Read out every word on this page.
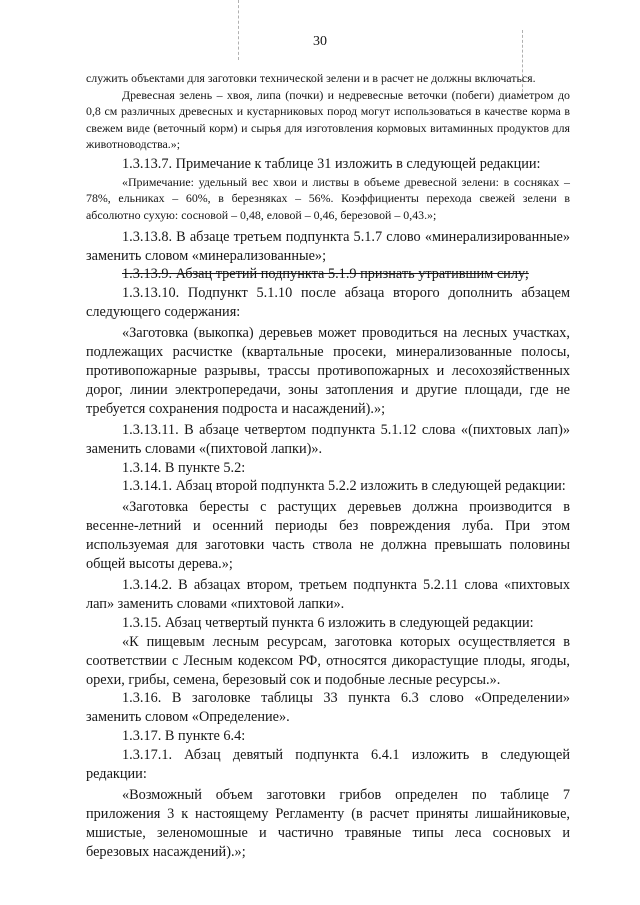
30

служить объектами для заготовки технической зелени и в расчет не должны включаться.

Древесная зелень – хвоя, липа (почки) и недревесные веточки (побеги) диаметром до 0,8 см различных древесных и кустарниковых пород могут использоваться в качестве корма в свежем виде (веточный корм) и сырья для изготовления кормовых витаминных продуктов для животноводства.»;

1.3.13.7. Примечание к таблице 31 изложить в следующей редакции:

«Примечание: удельный вес хвои и листвы в объеме древесной зелени: в сосняках – 78%, ельниках – 60%, в березняках – 56%. Коэффициенты перехода свежей зелени в абсолютно сухую: сосновой – 0,48, еловой – 0,46, березовой – 0,43.»;

1.3.13.8. В абзаце третьем подпункта 5.1.7 слово «минерализированные» заменить словом «минерализованные»;

1.3.13.9. Абзац третий подпункта 5.1.9 признать утратившим силу;

1.3.13.10. Подпункт 5.1.10 после абзаца второго дополнить абзацем следующего содержания:

«Заготовка (выкопка) деревьев может проводиться на лесных участках, подлежащих расчистке (квартальные просеки, минерализованные полосы, противопожарные разрывы, трассы противопожарных и лесохозяйственных дорог, линии электропередачи, зоны затопления и другие площади, где не требуется сохранения подроста и насаждений).»;

1.3.13.11. В абзаце четвертом подпункта 5.1.12 слова «(пихтовых лап)» заменить словами «(пихтовой лапки)».

1.3.14. В пункте 5.2:

1.3.14.1. Абзац второй подпункта 5.2.2 изложить в следующей редакции:

«Заготовка бересты с растущих деревьев должна производится в весенне-летний и осенний периоды без повреждения луба. При этом используемая для заготовки часть ствола не должна превышать половины общей высоты дерева.»;

1.3.14.2. В абзацах втором, третьем подпункта 5.2.11 слова «пихтовых лап» заменить словами «пихтовой лапки».

1.3.15. Абзац четвертый пункта 6 изложить в следующей редакции:

«К пищевым лесным ресурсам, заготовка которых осуществляется в соответствии с Лесным кодексом РФ, относятся дикорастущие плоды, ягоды, орехи, грибы, семена, березовый сок и подобные лесные ресурсы.».

1.3.16. В заголовке таблицы 33 пункта 6.3 слово «Определении» заменить словом «Определение».

1.3.17. В пункте 6.4:

1.3.17.1. Абзац девятый подпункта 6.4.1 изложить в следующей редакции:

«Возможный объем заготовки грибов определен по таблице 7 приложения 3 к настоящему Регламенту (в расчет приняты лишайниковые, мшистые, зеленомошные и частично травяные типы леса сосновых и березовых насаждений).»;
